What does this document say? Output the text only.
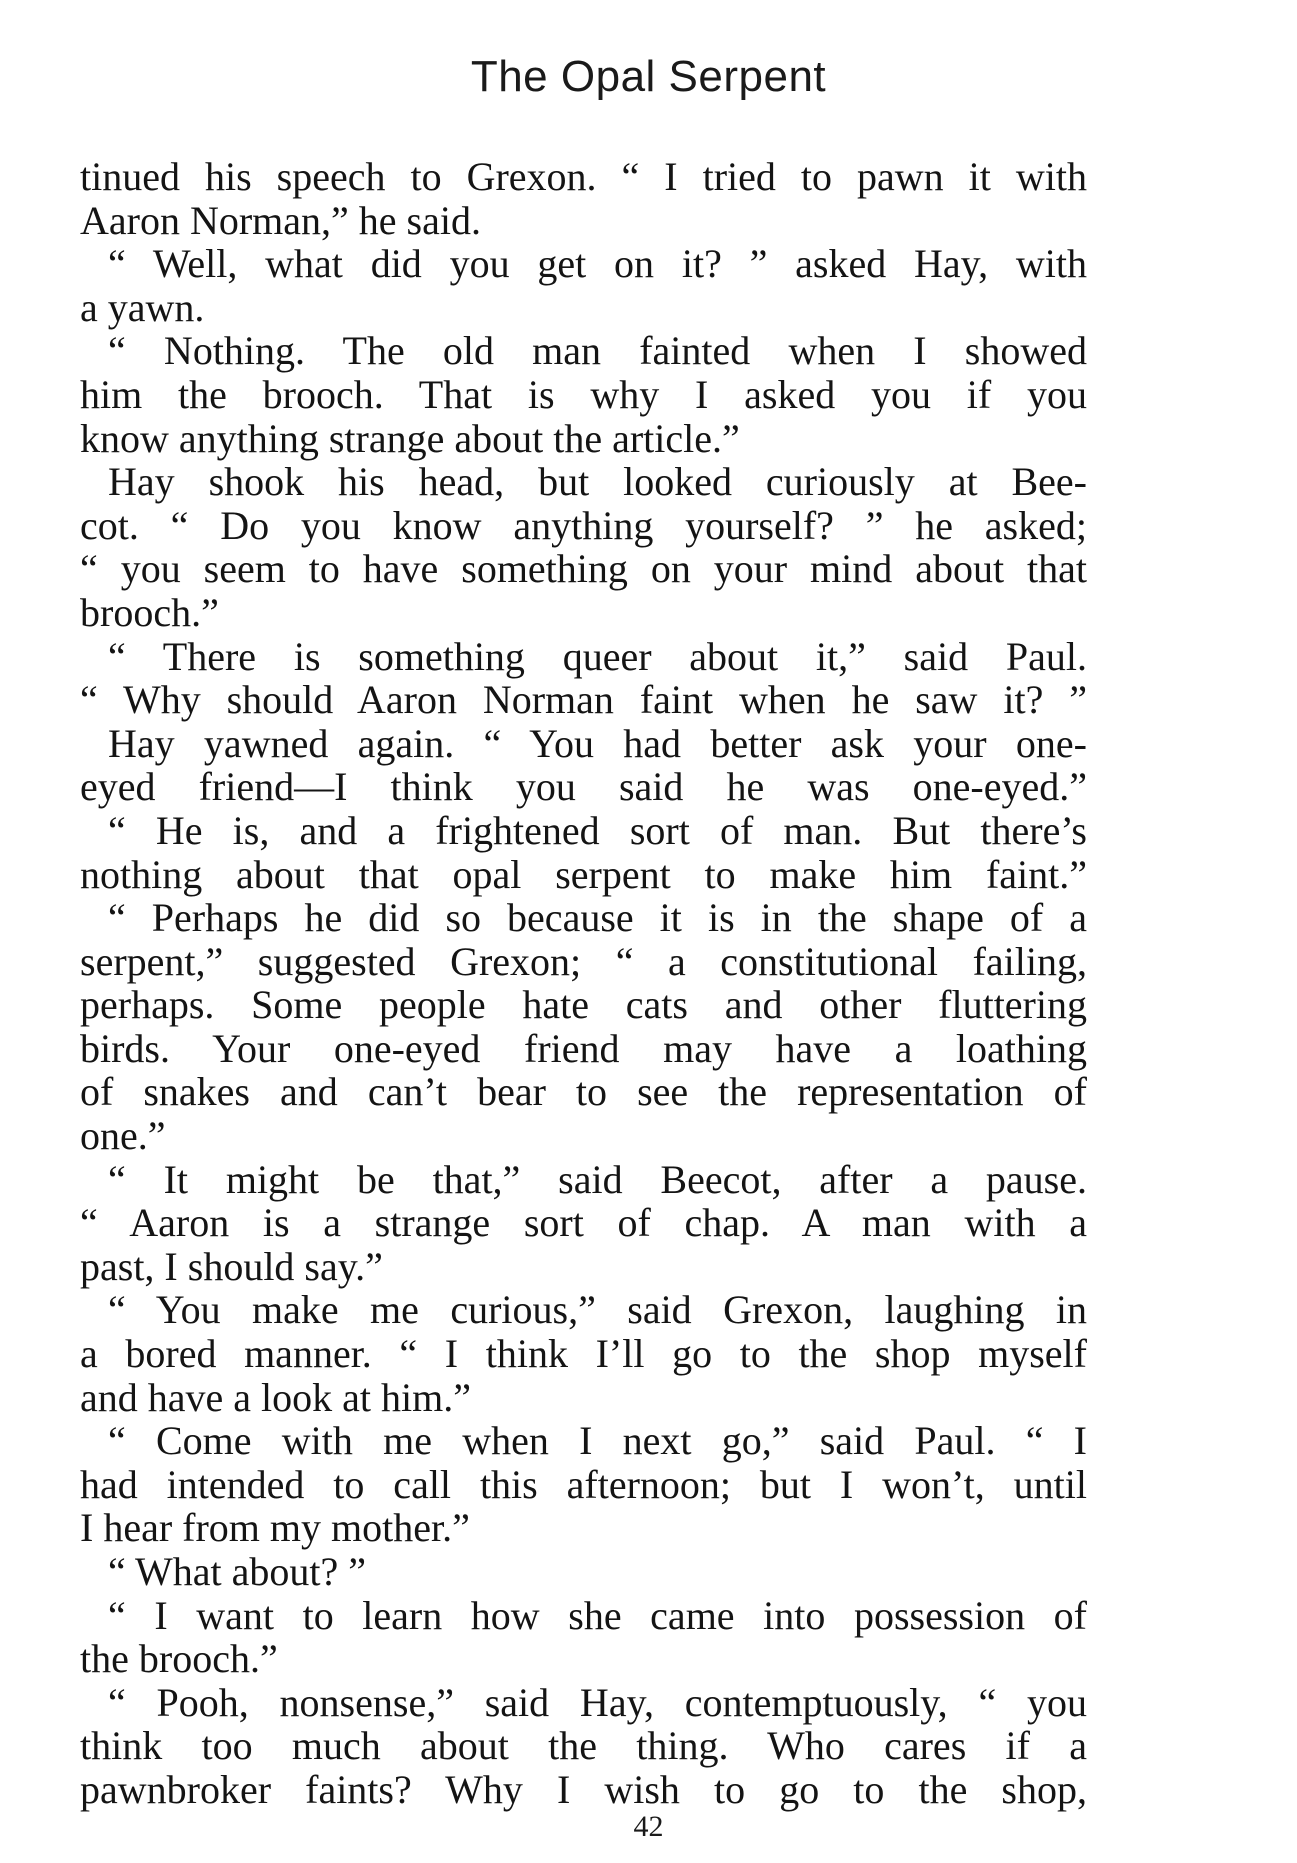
The Opal Serpent
tinued his speech to Grexon. “ I tried to pawn it with
Aaron Norman,” he said.
“ Well, what did you get on it? ” asked Hay, with
a yawn.
“ Nothing. The old man fainted when I showed
him the brooch. That is why I asked you if you
know anything strange about the article.”
Hay shook his head, but looked curiously at Bee-
cot. “ Do you know anything yourself? ” he asked;
“ you seem to have something on your mind about that
brooch.”
“ There is something queer about it,” said Paul.
“ Why should Aaron Norman faint when he saw it? ”
Hay yawned again. “ You had better ask your one-
eyed friend—I think you said he was one-eyed.”
“ He is, and a frightened sort of man. But there’s
nothing about that opal serpent to make him faint.”
“ Perhaps he did so because it is in the shape of a
serpent,” suggested Grexon; “ a constitutional failing,
perhaps. Some people hate cats and other fluttering
birds. Your one-eyed friend may have a loathing
of snakes and can’t bear to see the representation of
one.”
“ It might be that,” said Beecot, after a pause.
“ Aaron is a strange sort of chap. A man with a
past, I should say.”
“ You make me curious,” said Grexon, laughing in
a bored manner. “ I think I’ll go to the shop myself
and have a look at him.”
“ Come with me when I next go,” said Paul. “ I
had intended to call this afternoon; but I won’t, until
I hear from my mother.”
“ What about? ”
“ I want to learn how she came into possession of
the brooch.”
“ Pooh, nonsense,” said Hay, contemptuously, “ you
think too much about the thing. Who cares if a
pawnbroker faints? Why I wish to go to the shop,
42
